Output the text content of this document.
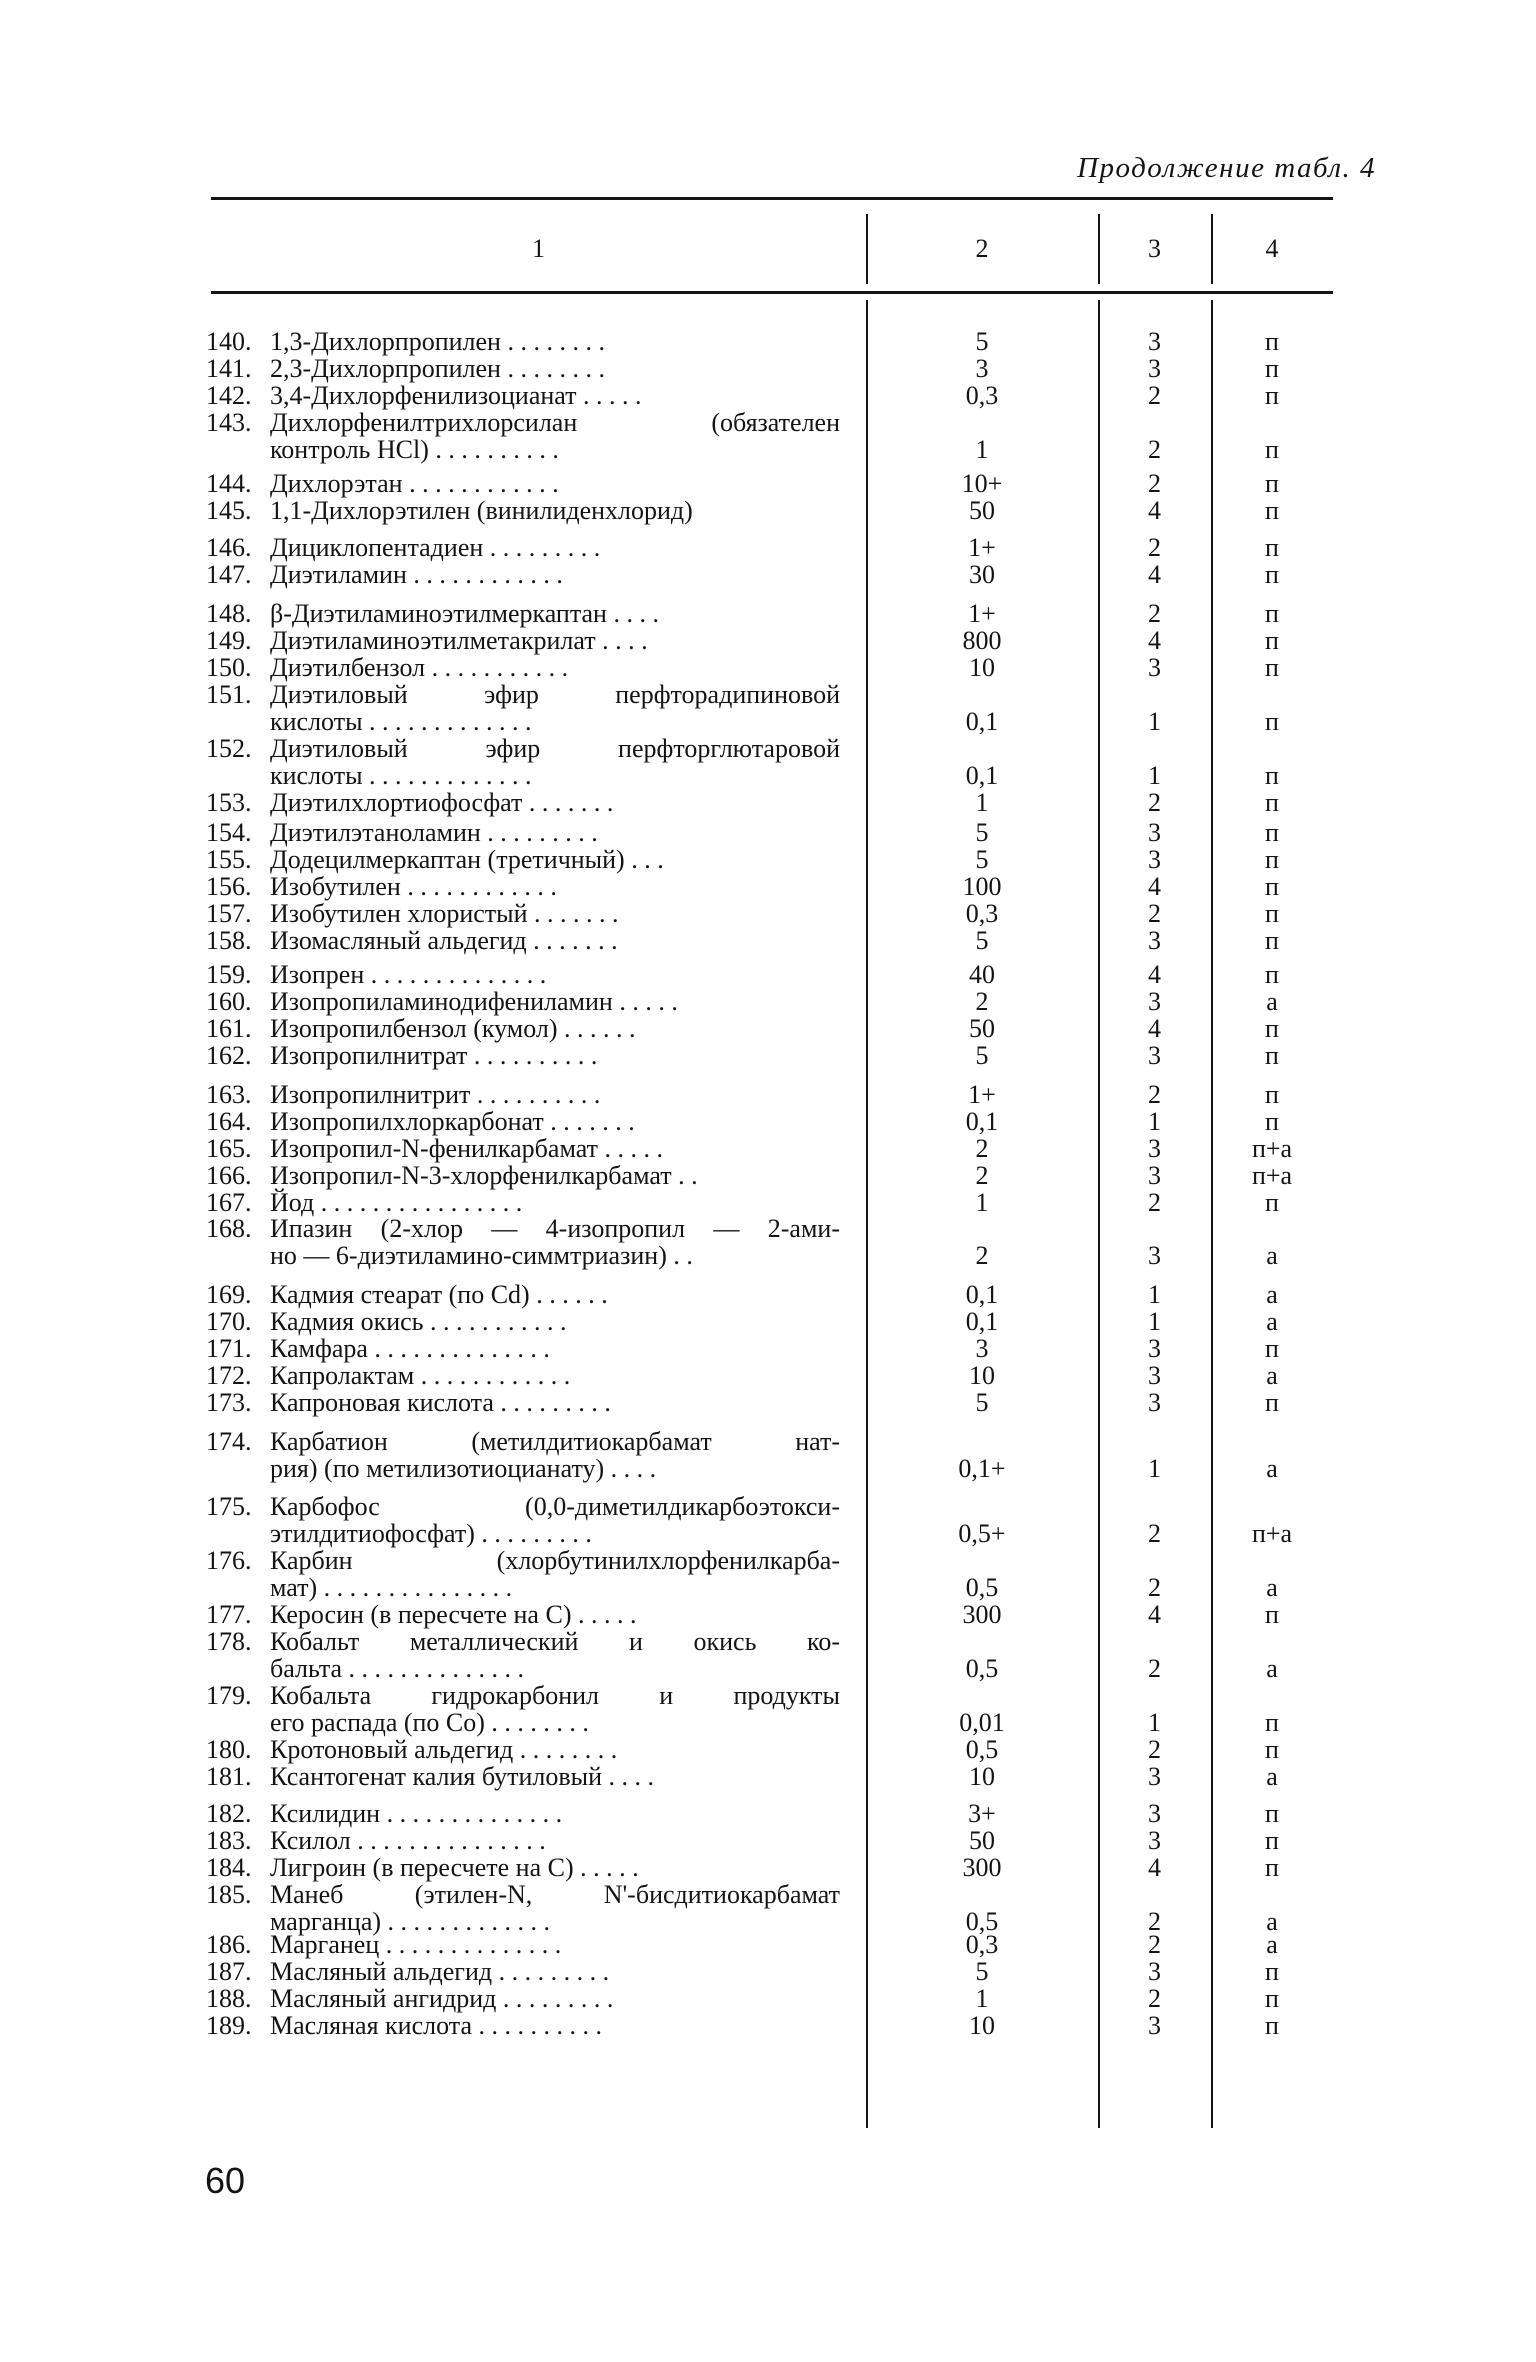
Продолжение табл. 4
1	2	3	4
140. 1,3-Дихлорпропилен . . . . . . . .	5	3	п
141. 2,3-Дихлорпропилен . . . . . . . .	3	3	п
142. 3,4-Дихлорфенилизоцианат . . . . .	0,3	2	п
143. Дихлорфенилтрихлорсилан (обязателен
контроль HCl) . . . . . . . . . .	1	2	п
144. Дихлорэтан . . . . . . . . . . . .	10+	2	п
145. 1,1-Дихлорэтилен (винилиденхлорид)	50	4	п
146. Дициклопентадиен . . . . . . . . .	1+	2	п
147. Диэтиламин . . . . . . . . . . . .	30	4	п
148. β-Диэтиламиноэтилмеркаптан . . . .	1+	2	п
149. Диэтиламиноэтилметакрилат . . . .	800	4	п
150. Диэтилбензол . . . . . . . . . . .	10	3	п
151. Диэтиловый эфир перфторадипиновой
кислоты . . . . . . . . . . . . .	0,1	1	п
152. Диэтиловый эфир перфторглютаровой
кислоты . . . . . . . . . . . . .	0,1	1	п
153. Диэтилхлортиофосфат . . . . . . .	1	2	п
154. Диэтилэтаноламин . . . . . . . . .	5	3	п
155. Додецилмеркаптан (третичный) . . .	5	3	п
156. Изобутилен . . . . . . . . . . . .	100	4	п
157. Изобутилен хлористый . . . . . . .	0,3	2	п
158. Изомасляный альдегид . . . . . . .	5	3	п
159. Изопрен . . . . . . . . . . . . . .	40	4	п
160. Изопропиламинодифениламин . . . . .	2	3	а
161. Изопропилбензол (кумол) . . . . . .	50	4	п
162. Изопропилнитрат . . . . . . . . . .	5	3	п
163. Изопропилнитрит . . . . . . . . . .	1+	2	п
164. Изопропилхлоркарбонат . . . . . . .	0,1	1	п
165. Изопропил-N-фенилкарбамат . . . . .	2	3	п+а
166. Изопропил-N-3-хлорфенилкарбамат . .	2	3	п+а
167. Йод . . . . . . . . . . . . . . . .	1	2	п
168. Ипазин (2-хлор — 4-изопропил — 2-ами-
но — 6-диэтиламино-симмтриазин) . .	2	3	а
169. Кадмия стеарат (по Cd) . . . . . .	0,1	1	а
170. Кадмия окись . . . . . . . . . . .	0,1	1	а
171. Камфара . . . . . . . . . . . . . .	3	3	п
172. Капролактам . . . . . . . . . . . .	10	3	а
173. Капроновая кислота . . . . . . . . .	5	3	п
174. Карбатион (метилдитиокарбамат нат-
рия) (по метилизотиоцианату) . . . .	0,1+	1	а
175. Карбофос (0,0-диметилдикарбоэтокси-
этилдитиофосфат) . . . . . . . . .	0,5+	2	п+а
176. Карбин (хлорбутинилхлорфенилкарба-
мат) . . . . . . . . . . . . . . .	0,5	2	а
177. Керосин (в пересчете на C) . . . . .	300	4	п
178. Кобальт металлический и окись ко-
бальта . . . . . . . . . . . . . .	0,5	2	а
179. Кобальта гидрокарбонил и продукты
его распада (по Co) . . . . . . . .	0,01	1	п
180. Кротоновый альдегид . . . . . . . .	0,5	2	п
181. Ксантогенат калия бутиловый . . . .	10	3	а
182. Ксилидин . . . . . . . . . . . . . .	3+	3	п
183. Ксилол . . . . . . . . . . . . . . .	50	3	п
184. Лигроин (в пересчете на C) . . . . .	300	4	п
185. Манеб (этилен-N, N'-бисдитиокарбамат
марганца) . . . . . . . . . . . . .	0,5	2	а
186. Марганец . . . . . . . . . . . . . .	0,3	2	а
187. Масляный альдегид . . . . . . . . .	5	3	п
188. Масляный ангидрид . . . . . . . . .	1	2	п
189. Масляная кислота . . . . . . . . . .	10	3	п
60
